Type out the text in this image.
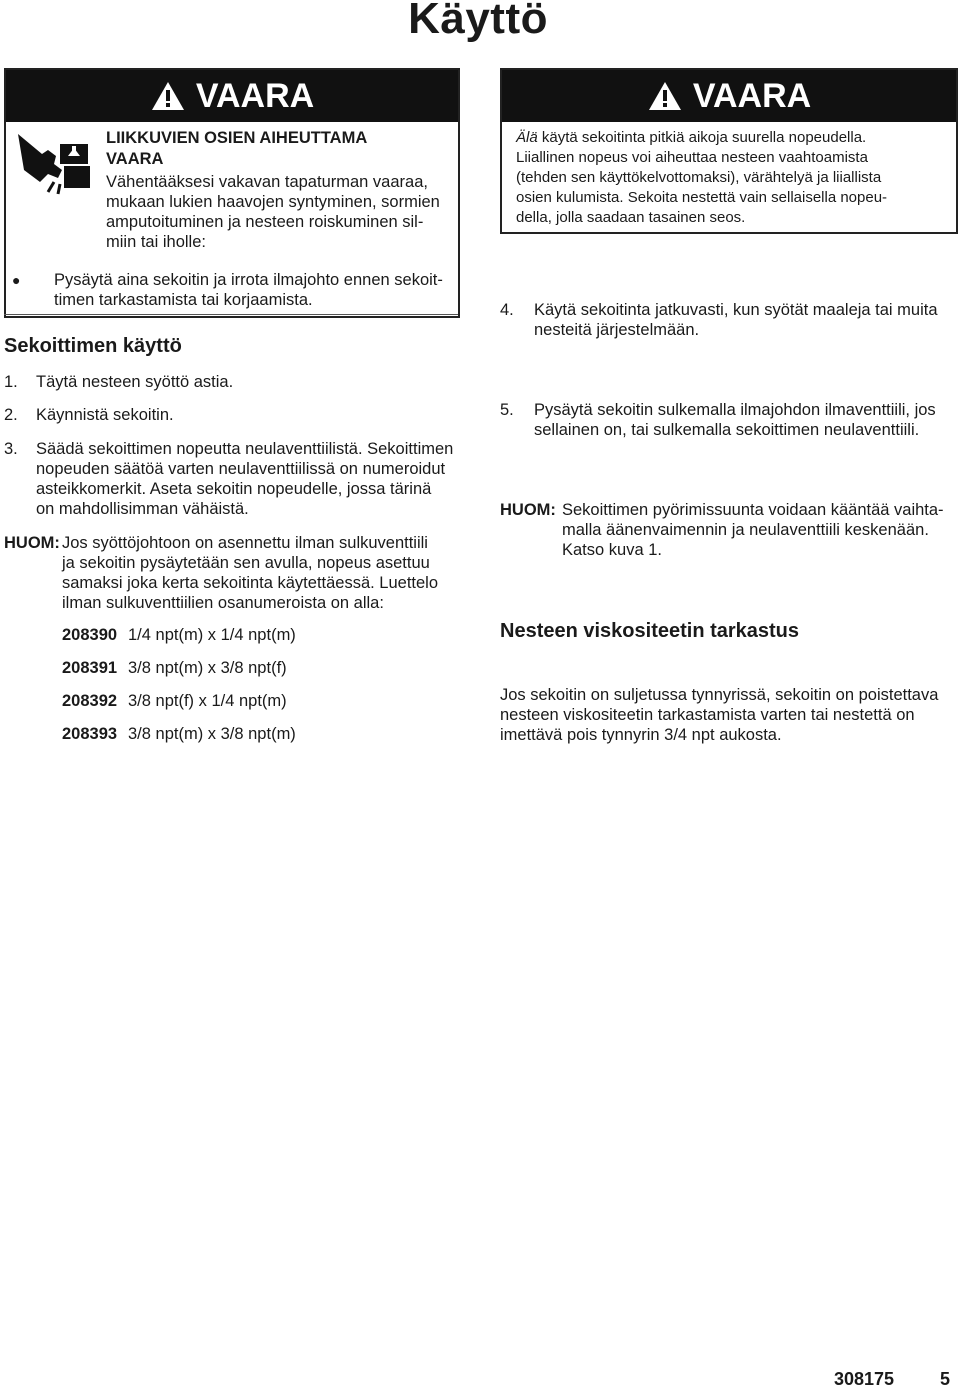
Käyttö
VAARA
LIIKKUVIEN OSIEN AIHEUTTAMA VAARA
Vähentääksesi vakavan tapaturman vaaraa,
mukaan lukien haavojen syntyminen, sormien
amputoituminen ja nesteen roiskuminen sil-
miin tai iholle:
VAARA
Älä käytä sekoitinta pitkiä aikoja suurella nopeudella.
Liiallinen nopeus voi aiheuttaa nesteen vaahtoamista
(tehden sen käyttökelvottomaksi), värähtelyä ja liiallista
osien kulumista. Sekoita nestettä vain sellaisella nopeu-
della, jolla saadaan tasainen seos.
●	Pysäytä aina sekoitin ja irrota ilmajohto ennen sekoit-
timen tarkastamista tai korjaamista.
Sekoittimen käyttö
1.	Täytä nesteen syöttö astia.
2.	Käynnistä sekoitin.
3.	Säädä sekoittimen nopeutta neulaventtiilistä. Sekoittimen
nopeuden säätöä varten neulaventtiilissä on numeroidut
asteikkomerkit. Aseta sekoitin nopeudelle, jossa tärinä
on mahdollisimman vähäistä.
HUOM: Jos syöttöjohtoon on asennettu ilman sulkuventtiili
ja sekoitin pysäytetään sen avulla, nopeus asettuu
samaksi joka kerta sekoitinta käytettäessä. Luettelo
ilman sulkuventtiilien osanumeroista on alla:
208390 1/4 npt(m) x 1/4 npt(m)
208391 3/8 npt(m) x 3/8 npt(f)
208392 3/8 npt(f) x 1/4 npt(m)
208393 3/8 npt(m) x 3/8 npt(m)
4.	Käytä sekoitinta jatkuvasti, kun syötät maaleja tai muita
nesteitä järjestelmään.
5.	Pysäytä sekoitin sulkemalla ilmajohdon ilmaventtiili, jos
sellainen on, tai sulkemalla sekoittimen neulaventtiili.
HUOM: Sekoittimen pyörimissuunta voidaan kääntää vaihta-
malla äänenvaimennin ja neulaventtiili keskenään.
Katso kuva 1.
Nesteen viskositeetin tarkastus
Jos sekoitin on suljetussa tynnyrissä, sekoitin on poistettava
nesteen viskositeetin tarkastamista varten tai nestettä on
imettävä pois tynnyrin 3/4 npt aukosta.
308175	5
